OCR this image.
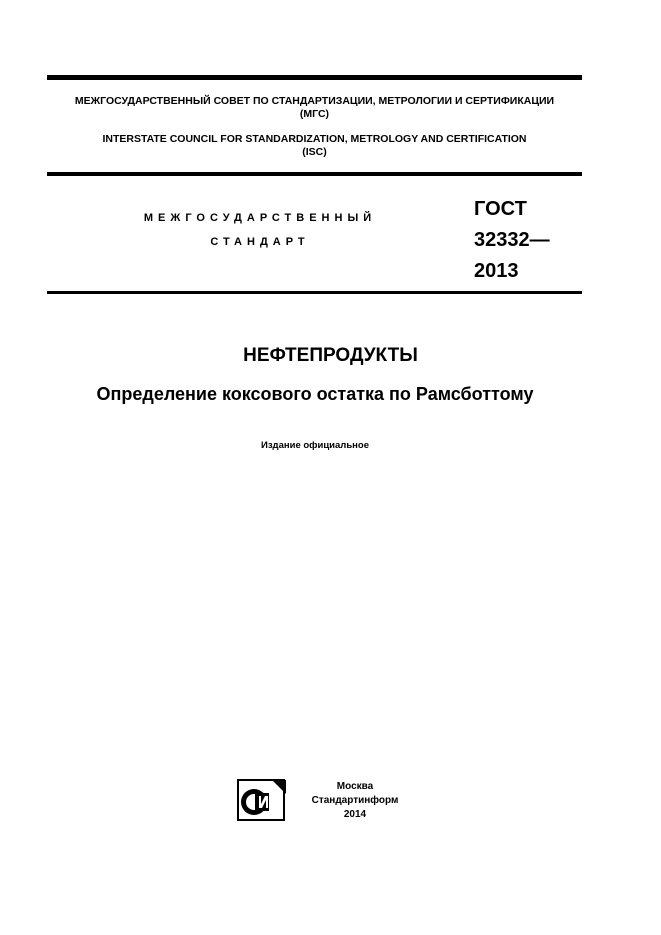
МЕЖГОСУДАРСТВЕННЫЙ СОВЕТ ПО СТАНДАРТИЗАЦИИ, МЕТРОЛОГИИ И СЕРТИФИКАЦИИ
(МГС)
INTERSTATE COUNCIL FOR STANDARDIZATION, METROLOGY AND CERTIFICATION
(ISC)
МЕЖГОСУДАРСТВЕННЫЙ
СТАНДАРТ
ГОСТ
32332—
2013
НЕФТЕПРОДУКТЫ
Определение коксового остатка по Рамсботтому
Издание официальное
Москва
Стандартинформ
2014
